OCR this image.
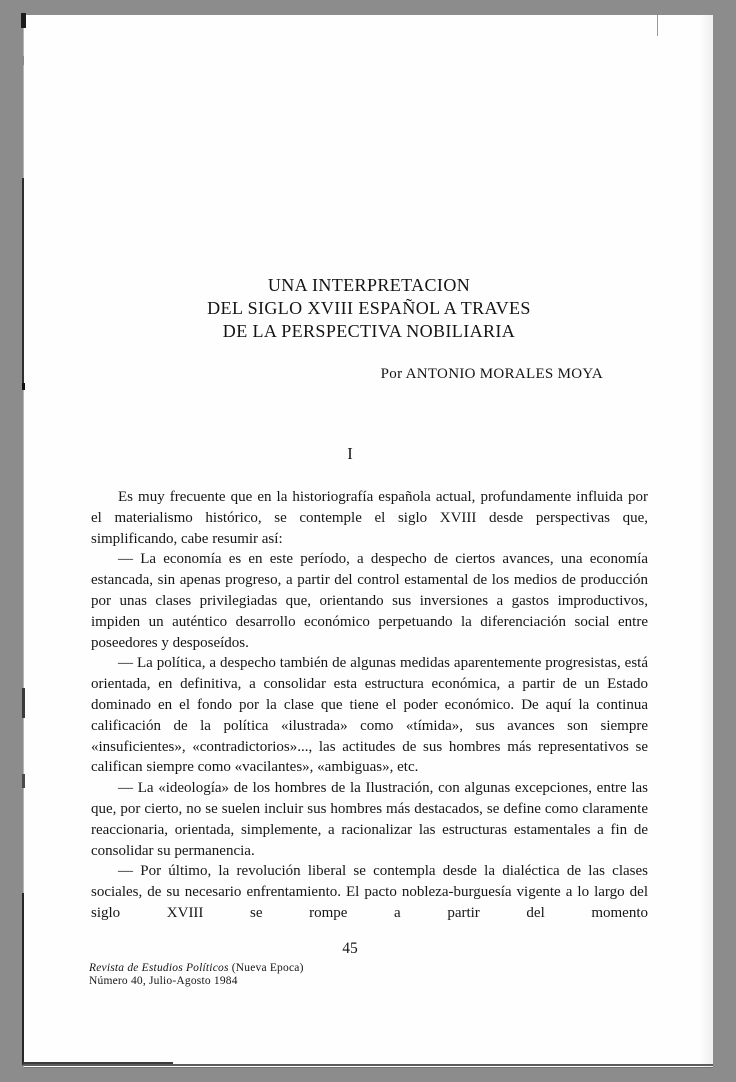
UNA INTERPRETACION
DEL SIGLO XVIII ESPAÑOL A TRAVES
DE LA PERSPECTIVA NOBILIARIA
Por ANTONIO MORALES MOYA
I

Es muy frecuente que en la historiografía española actual, profundamente influida por el materialismo histórico, se contemple el siglo XVIII desde perspectivas que, simplificando, cabe resumir así:

— La economía es en este período, a despecho de ciertos avances, una economía estancada, sin apenas progreso, a partir del control estamental de los medios de producción por unas clases privilegiadas que, orientando sus inversiones a gastos improductivos, impiden un auténtico desarrollo económico perpetuando la diferenciación social entre poseedores y desposeídos.

— La política, a despecho también de algunas medidas aparentemente progresistas, está orientada, en definitiva, a consolidar esta estructura económica, a partir de un Estado dominado en el fondo por la clase que tiene el poder económico. De aquí la continua calificación de la política «ilustrada» como «tímida», sus avances son siempre «insuficientes», «contradictorios»..., las actitudes de sus hombres más representativos se califican siempre como «vacilantes», «ambiguas», etc.

— La «ideología» de los hombres de la Ilustración, con algunas excepciones, entre las que, por cierto, no se suelen incluir sus hombres más destacados, se define como claramente reaccionaria, orientada, simplemente, a racionalizar las estructuras estamentales a fin de consolidar su permanencia.

— Por último, la revolución liberal se contempla desde la dialéctica de las clases sociales, de su necesario enfrentamiento. El pacto nobleza-burguesía vigente a lo largo del siglo XVIII se rompe a partir del momento

45
Revista de Estudios Políticos (Nueva Epoca)
Número 40, Julio-Agosto 1984
